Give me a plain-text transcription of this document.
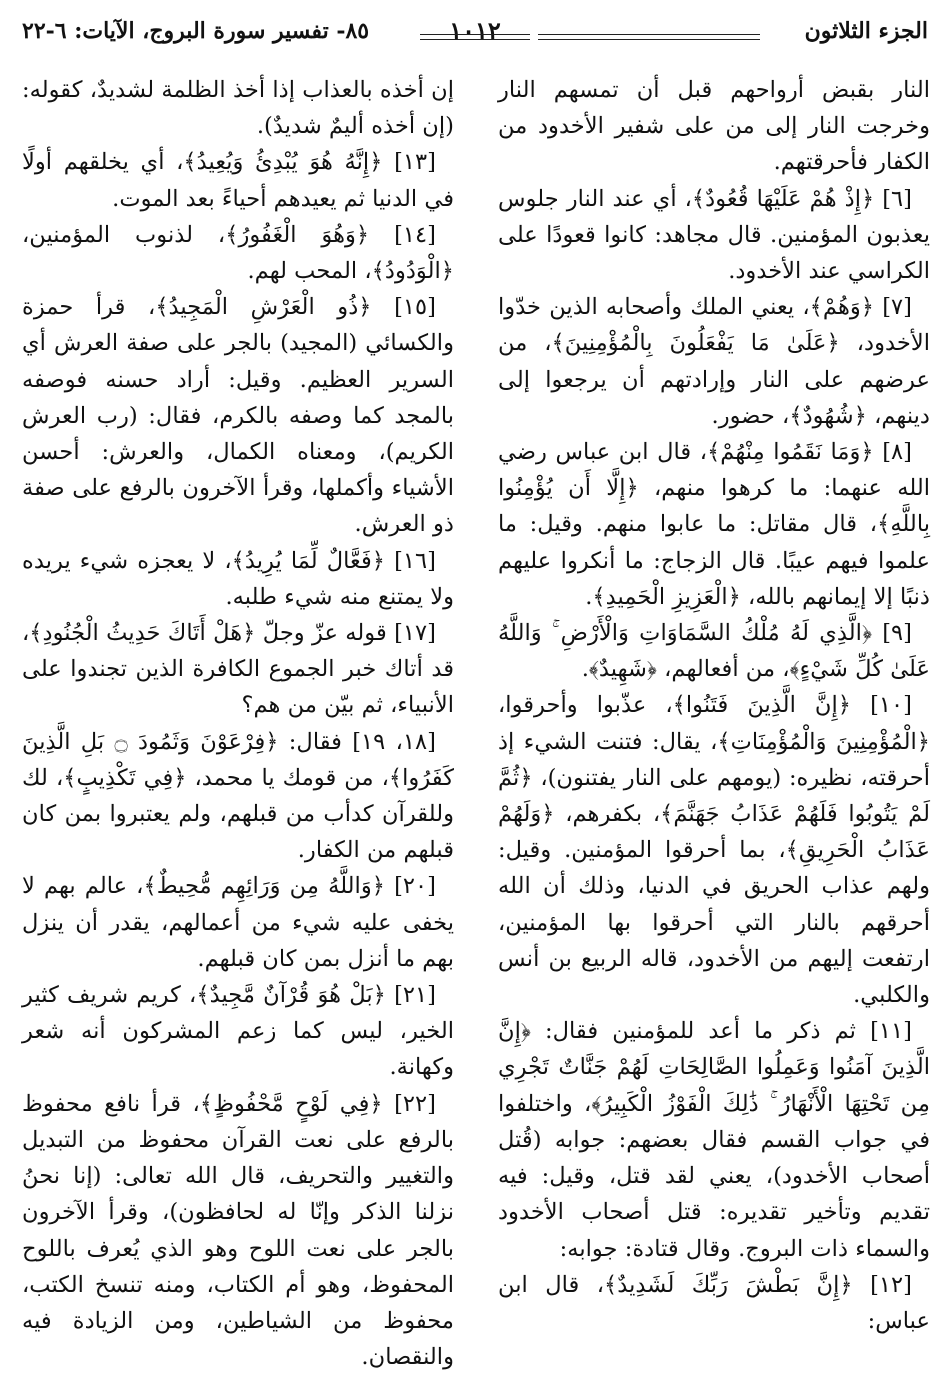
الجزء الثلاثون
١٠١٢
٨٥- تفسير سورة البروج، الآيات: ٦-٢٢

النار بقبض أرواحهم قبل أن تمسهم النار وخرجت النار إلى من على شفير الأخدود من الكفار فأحرقتهم.

[٦] ﴿إِذْ هُمْ عَلَيْهَا قُعُودٌ﴾، أي عند النار جلوس يعذبون المؤمنين. قال مجاهد: كانوا قعودًا على الكراسي عند الأخدود.

[٧] ﴿وَهُمْ﴾، يعني الملك وأصحابه الذين خدّوا الأخدود، ﴿عَلَىٰ مَا يَفْعَلُونَ بِالْمُؤْمِنِينَ﴾، من عرضهم على النار وإرادتهم أن يرجعوا إلى دينهم، ﴿شُهُودٌ﴾، حضور.

[٨] ﴿وَمَا نَقَمُوا مِنْهُمْ﴾، قال ابن عباس رضي الله عنهما: ما كرهوا منهم، ﴿إِلَّا أَن يُؤْمِنُوا بِاللَّهِ﴾، قال مقاتل: ما عابوا منهم. وقيل: ما علموا فيهم عيبًا. قال الزجاج: ما أنكروا عليهم ذنبًا إلا إيمانهم بالله، ﴿الْعَزِيزِ الْحَمِيدِ﴾.

[٩] ﴿الَّذِي لَهُ مُلْكُ السَّمَاوَاتِ وَالْأَرْضِ ۚ وَاللَّهُ عَلَىٰ كُلِّ شَيْءٍ﴾، من أفعالهم، ﴿شَهِيدٌ﴾.

[١٠] ﴿إِنَّ الَّذِينَ فَتَنُوا﴾، عذّبوا وأحرقوا، ﴿الْمُؤْمِنِينَ وَالْمُؤْمِنَاتِ﴾، يقال: فتنت الشيء إذ أحرقته، نظيره: (يومهم على النار يفتنون)، ﴿ثُمَّ لَمْ يَتُوبُوا فَلَهُمْ عَذَابُ جَهَنَّمَ﴾، بكفرهم، ﴿وَلَهُمْ عَذَابُ الْحَرِيقِ﴾، بما أحرقوا المؤمنين. وقيل: ولهم عذاب الحريق في الدنيا، وذلك أن الله أحرقهم بالنار التي أحرقوا بها المؤمنين، ارتفعت إليهم من الأخدود، قاله الربيع بن أنس والكلبي.

[١١] ثم ذكر ما أعد للمؤمنين فقال: ﴿إِنَّ الَّذِينَ آمَنُوا وَعَمِلُوا الصَّالِحَاتِ لَهُمْ جَنَّاتٌ تَجْرِي مِن تَحْتِهَا الْأَنْهَارُ ۚ ذَٰلِكَ الْفَوْزُ الْكَبِيرُ﴾، واختلفوا في جواب القسم فقال بعضهم: جوابه (قُتل أصحاب الأخدود)، يعني لقد قتل، وقيل: فيه تقديم وتأخير تقديره: قتل أصحاب الأخدود والسماء ذات البروج. وقال قتادة: جوابه:

[١٢] ﴿إِنَّ بَطْشَ رَبِّكَ لَشَدِيدٌ﴾، قال ابن عباس:

إن أخذه بالعذاب إذا أخذ الظلمة لشديدٌ، كقوله: (إن أخذه أليمٌ شديدٌ).

[١٣] ﴿إِنَّهُ هُوَ يُبْدِئُ وَيُعِيدُ﴾، أي يخلقهم أولًا في الدنيا ثم يعيدهم أحياءً بعد الموت.

[١٤] ﴿وَهُوَ الْغَفُورُ﴾، لذنوب المؤمنين، ﴿الْوَدُودُ﴾، المحب لهم.

[١٥] ﴿ذُو الْعَرْشِ الْمَجِيدُ﴾، قرأ حمزة والكسائي (المجيد) بالجر على صفة العرش أي السرير العظيم. وقيل: أراد حسنه فوصفه بالمجد كما وصفه بالكرم، فقال: (رب العرش الكريم)، ومعناه الكمال، والعرش: أحسن الأشياء وأكملها، وقرأ الآخرون بالرفع على صفة ذو العرش.

[١٦] ﴿فَعَّالٌ لِّمَا يُرِيدُ﴾، لا يعجزه شيء يريده ولا يمتنع منه شيء طلبه.

[١٧] قوله عزّ وجلّ ﴿هَلْ أَتَاكَ حَدِيثُ الْجُنُودِ﴾، قد أتاك خبر الجموع الكافرة الذين تجندوا على الأنبياء، ثم بيّن من هم؟

[١٨، ١٩] فقال: ﴿فِرْعَوْنَ وَثَمُودَ ۝ بَلِ الَّذِينَ كَفَرُوا﴾، من قومك يا محمد، ﴿فِي تَكْذِيبٍ﴾، لك وللقرآن كدأب من قبلهم، ولم يعتبروا بمن كان قبلهم من الكفار.

[٢٠] ﴿وَاللَّهُ مِن وَرَائِهِم مُّحِيطٌ﴾، عالم بهم لا يخفى عليه شيء من أعمالهم، يقدر أن ينزل بهم ما أنزل بمن كان قبلهم.

[٢١] ﴿بَلْ هُوَ قُرْآنٌ مَّجِيدٌ﴾، كريم شريف كثير الخير، ليس كما زعم المشركون أنه شعر وكهانة.

[٢٢] ﴿فِي لَوْحٍ مَّحْفُوظٍ﴾، قرأ نافع محفوظ بالرفع على نعت القرآن محفوظ من التبديل والتغيير والتحريف، قال الله تعالى: (إنا نحنُ نزلنا الذكر وإنّا له لحافظون)، وقرأ الآخرون بالجر على نعت اللوح وهو الذي يُعرف باللوح المحفوظ، وهو أم الكتاب، ومنه تنسخ الكتب، محفوظ من الشياطين، ومن الزيادة فيه والنقصان.
